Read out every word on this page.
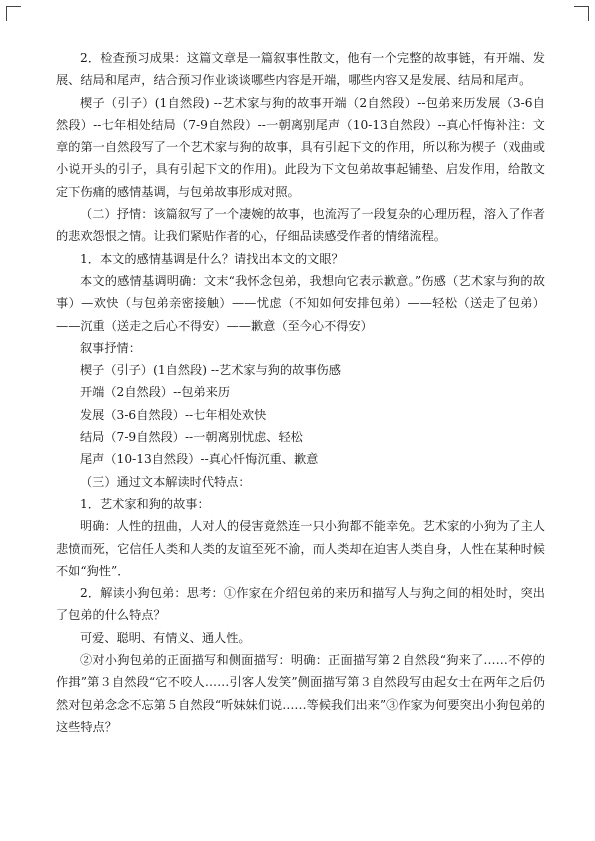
2．检查预习成果：这篇文章是一篇叙事性散文，他有一个完整的故事链，有开端、发展、结局和尾声，结合预习作业谈谈哪些内容是开端，哪些内容又是发展、结局和尾声。

楔子（引子）(1自然段) --艺术家与狗的故事开端（2自然段）--包弟来历发展（3-6自然段）--七年相处结局（7-9自然段）--一朝离别尾声（10-13自然段）--真心忏悔补注：文章的第一自然段写了一个艺术家与狗的故事，具有引起下文的作用，所以称为楔子（戏曲或小说开头的引子，具有引起下文的作用)。此段为下文包弟故事起铺垫、启发作用，给散文定下伤痛的感情基调，与包弟故事形成对照。

（二）抒情：该篇叙写了一个凄婉的故事，也流泻了一段复杂的心理历程，溶入了作者的悲欢怨恨之情。让我们紧贴作者的心，仔细品读感受作者的情绪流程。

1．本文的感情基调是什么？请找出本文的文眼？

本文的感情基调明确：文末“我怀念包弟，我想向它表示歉意。”伤感（艺术家与狗的故事）—欢快（与包弟亲密接触）——忧虑（不知如何安排包弟）——轻松（送走了包弟）——沉重（送走之后心不得安）——歉意（至今心不得安）

叙事抒情：

楔子（引子）(1自然段) --艺术家与狗的故事伤感

开端（2自然段）--包弟来历

发展（3-6自然段）--七年相处欢快

结局（7-9自然段）--一朝离别忧虑、轻松

尾声（10-13自然段）--真心忏悔沉重、歉意

（三）通过文本解读时代特点：

1．艺术家和狗的故事：

明确：人性的扭曲，人对人的侵害竟然连一只小狗都不能幸免。艺术家的小狗为了主人悲愤而死，它信任人类和人类的友谊至死不渝，而人类却在迫害人类自身，人性在某种时候不如“狗性”．

2．解读小狗包弟：思考：①作家在介绍包弟的来历和描写人与狗之间的相处时，突出了包弟的什么特点？

可爱、聪明、有情义、通人性。

②对小狗包弟的正面描写和侧面描写：明确：正面描写第２自然段“狗来了……不停的作揖”第３自然段“它不咬人……引客人发笑”侧面描写第３自然段写由起女士在两年之后仍然对包弟念念不忘第５自然段“听妹妹们说……等候我们出来”③作家为何要突出小狗包弟的这些特点？
